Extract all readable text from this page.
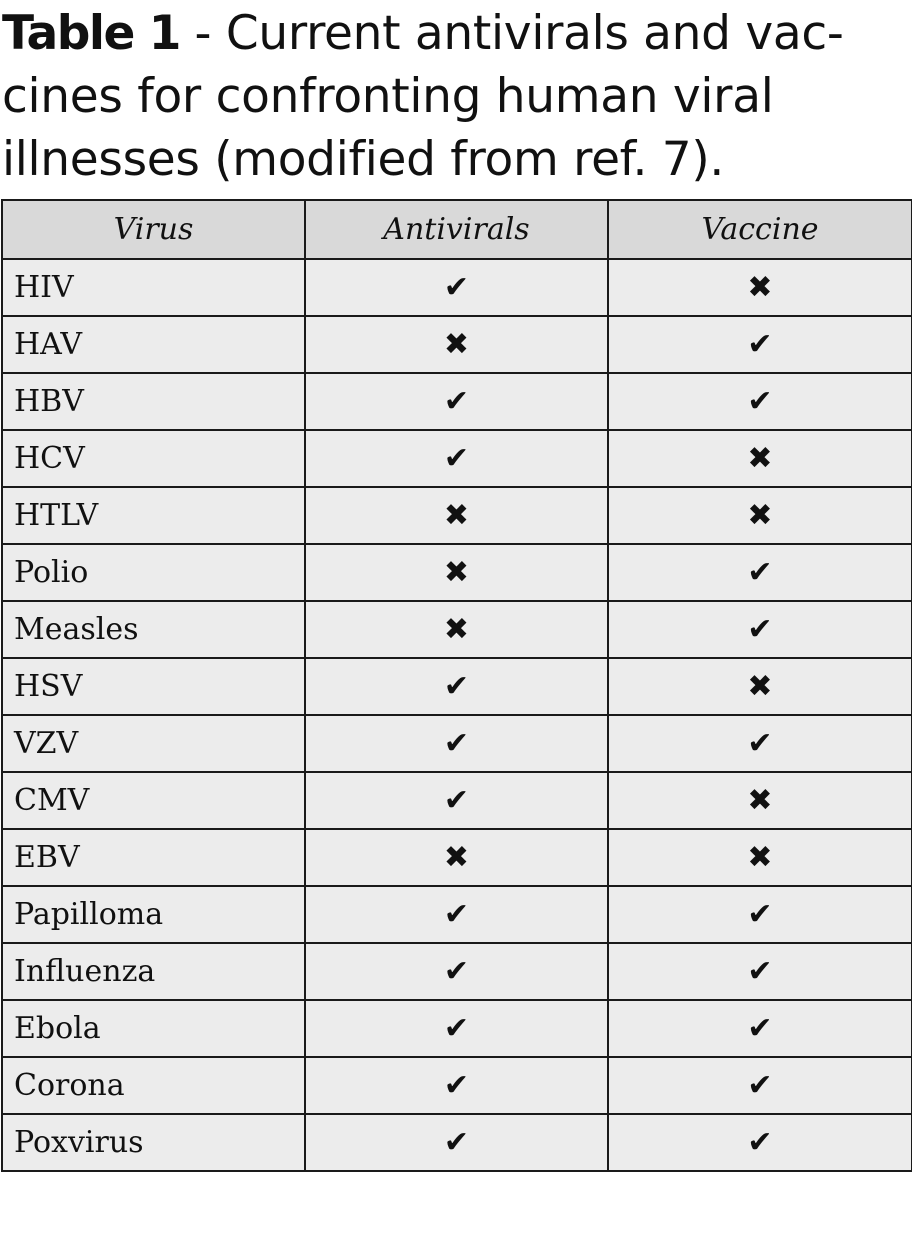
Table 1 - Current antivirals and vac-cines for confronting human viral illnesses (modified from ref. 7).
Virus	Antivirals	Vaccine
HIV	✔	✖
HAV	✖	✔
HBV	✔	✔
HCV	✔	✖
HTLV	✖	✖
Polio	✖	✔
Measles	✖	✔
HSV	✔	✖
VZV	✔	✔
CMV	✔	✖
EBV	✖	✖
Papilloma	✔	✔
Influenza	✔	✔
Ebola	✔	✔
Corona	✔	✔
Poxvirus	✔	✔
